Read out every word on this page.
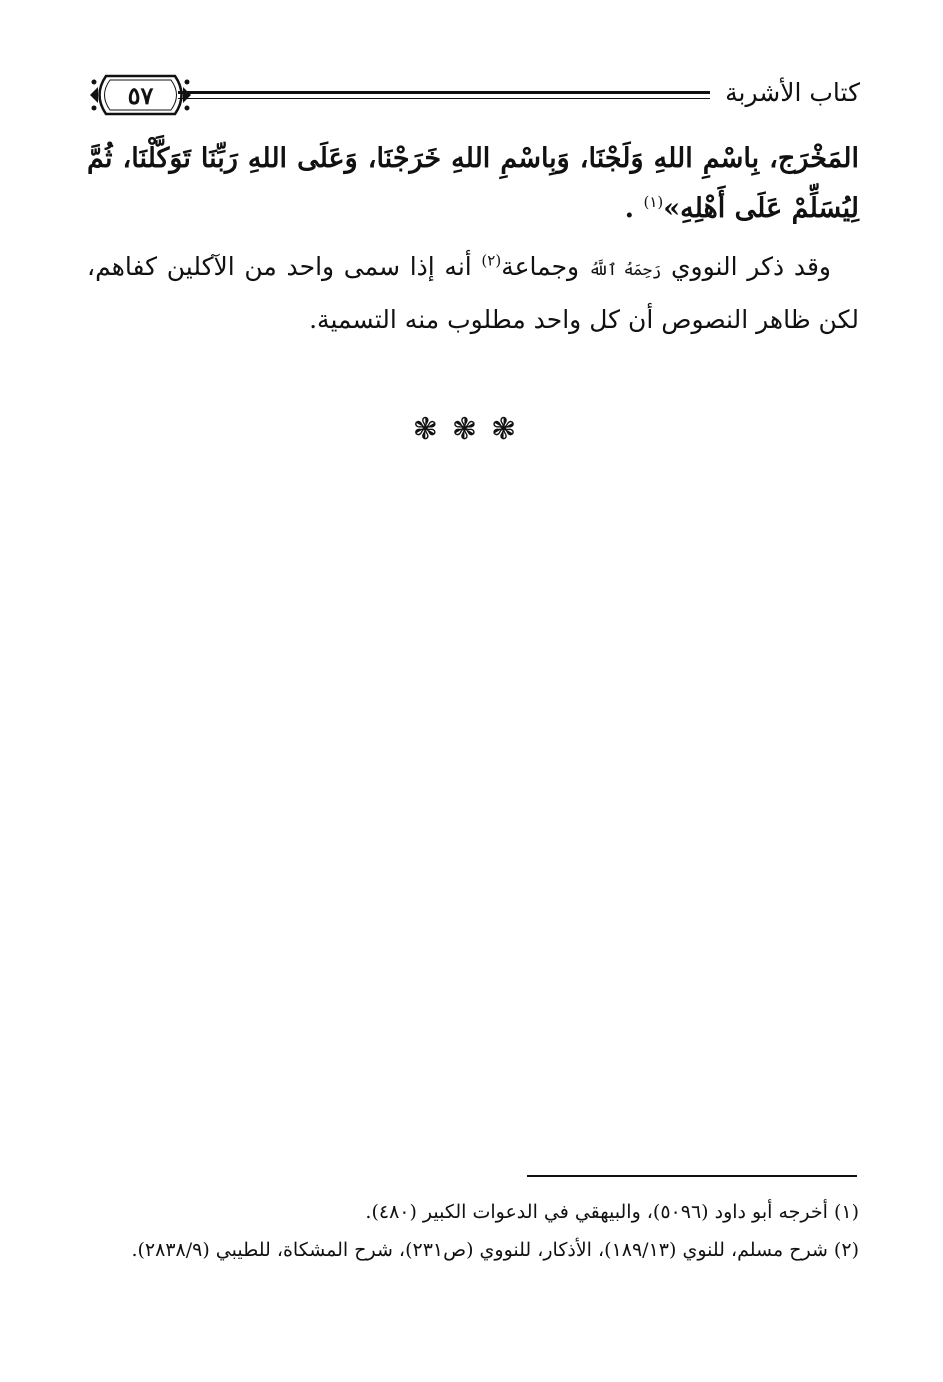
٥٧	كتاب الأشربة
المَخْرَج، بِاسْمِ اللهِ وَلَجْنَا، وَبِاسْمِ اللهِ خَرَجْنَا، وَعَلَى اللهِ رَبِّنَا تَوَكَّلْنَا، ثُمَّ لِيُسَلِّمْ عَلَى أَهْلِهِ»$^{(١)}$ .
وقد ذكر النووي رَحِمَهُ ٱللَّهُ وجماعة$^{(٢)}$ أنه إذا سمى واحد من الآكلين كفاهم، لكن ظاهر النصوص أن كل واحد مطلوب منه التسمية.
❃❃❃

(١) أخرجه أبو داود (٥٠٩٦)، والبيهقي في الدعوات الكبير (٤٨٠).

(٢) شرح مسلم، للنوي (١٨٩/١٣)، الأذكار، للنووي (ص٢٣١)، شرح المشكاة، للطيبي (٢٨٣٨/٩).
